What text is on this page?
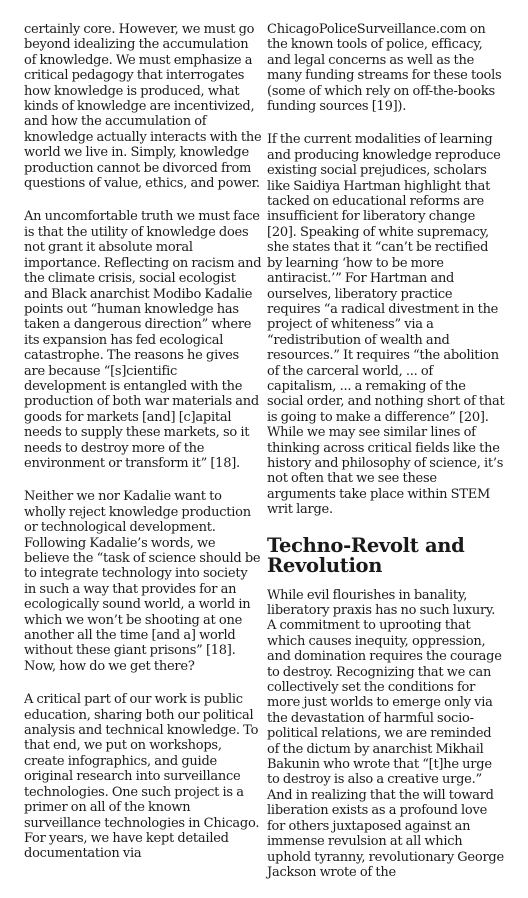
certainly core. However, we must go beyond idealizing the accumulation of knowledge. We must emphasize a critical pedagogy that interrogates how knowledge is produced, what kinds of knowledge are incentivized, and how the accumulation of knowledge actually interacts with the world we live in. Simply, knowledge production cannot be divorced from questions of value, ethics, and power.

An uncomfortable truth we must face is that the utility of knowledge does not grant it absolute moral importance. Reflecting on racism and the climate crisis, social ecologist and Black anarchist Modibo Kadalie points out “human knowledge has taken a dangerous direction” where its expansion has fed ecological catastrophe. The reasons he gives are because “[s]cientific development is entangled with the production of both war materials and goods for markets [and] [c]apital needs to supply these markets, so it needs to destroy more of the environment or transform it” [18].

Neither we nor Kadalie want to wholly reject knowledge production or technological development. Following Kadalie’s words, we believe the “task of science should be to integrate technology into society in such a way that provides for an ecologically sound world, a world in which we won’t be shooting at one another all the time [and a] world without these giant prisons” [18]. Now, how do we get there?

A critical part of our work is public education, sharing both our political analysis and technical knowledge. To that end, we put on workshops, create infographics, and guide original research into surveillance technologies. One such project is a primer on all of the known surveillance technologies in Chicago. For years, we have kept detailed documentation via

ChicagoPoliceSurveillance.com on the known tools of police, efficacy, and legal concerns as well as the many funding streams for these tools (some of which rely on off-the-books funding sources [19]).

If the current modalities of learning and producing knowledge reproduce existing social prejudices, scholars like Saidiya Hartman highlight that tacked on educational reforms are insufficient for liberatory change [20]. Speaking of white supremacy, she states that it “can’t be rectified by learning ‘how to be more antiracist.’” For Hartman and ourselves, liberatory practice requires “a radical divestment in the project of whiteness” via a “redistribution of wealth and resources.” It requires “the abolition of the carceral world, ... of capitalism, ... a remaking of the social order, and nothing short of that is going to make a difference” [20]. While we may see similar lines of thinking across critical fields like the history and philosophy of science, it’s not often that we see these arguments take place within STEM writ large.

Techno-Revolt and Revolution

While evil flourishes in banality, liberatory praxis has no such luxury. A commitment to uprooting that which causes inequity, oppression, and domination requires the courage to destroy. Recognizing that we can collectively set the conditions for more just worlds to emerge only via the devastation of harmful socio-political relations, we are reminded of the dictum by anarchist Mikhail Bakunin who wrote that “[t]he urge to destroy is also a creative urge.” And in realizing that the will toward liberation exists as a profound love for others juxtaposed against an immense revulsion at all which uphold tyranny, revolutionary George Jackson wrote of the
